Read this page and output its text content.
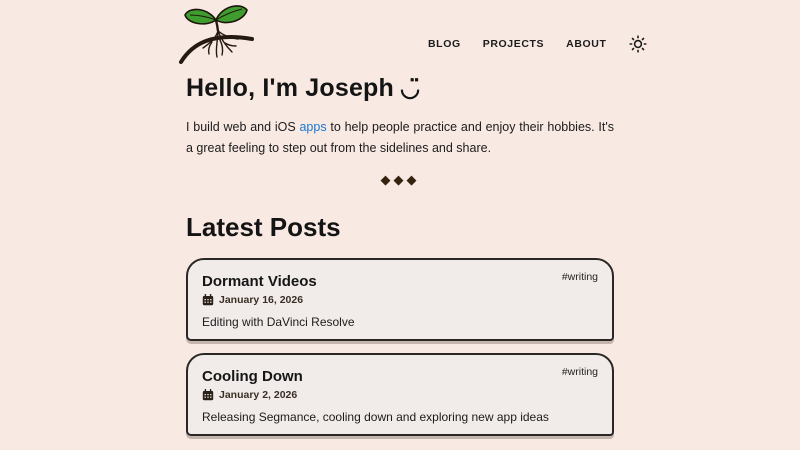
BLOG PROJECTS ABOUT
Hello, I'm Joseph ◡̈

I build web and iOS apps to help people practice and enjoy their hobbies. It's a great feeling to step out from the sidelines and share.

◆◆◆
Latest Posts
Dormant Videos
January 16, 2026

Editing with DaVinci Resolve

#writing
Cooling Down
January 2, 2026

Releasing Segmance, cooling down and exploring new app ideas

#writing
